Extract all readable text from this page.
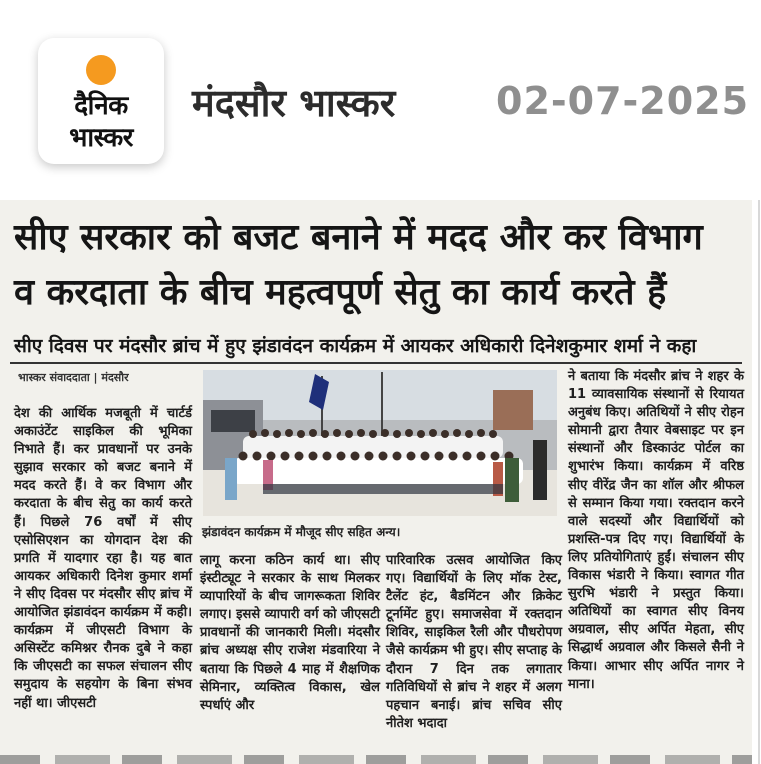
दैनिक
भास्कर
मंदसौर भास्कर	02-07-2025
सीए सरकार को बजट बनाने में मदद और कर विभाग
व करदाता के बीच महत्वपूर्ण सेतु का कार्य करते हैं
सीए दिवस पर मंदसौर ब्रांच में हुए झंडावंदन कार्यक्रम में आयकर अधिकारी दिनेशकुमार शर्मा ने कहा
भास्कर संवाददाता | मंदसौर
देश की आर्थिक मजबूती में चार्टर्ड अकाउंटेंट साइकिल की भूमिका निभाते हैं। कर प्रावधानों पर उनके सुझाव सरकार को बजट बनाने में मदद करते हैं। वे कर विभाग और करदाता के बीच सेतु का कार्य करते हैं। पिछले 76 वर्षों में सीए एसोसिएशन का योगदान देश की प्रगति में यादगार रहा है। यह बात आयकर अधिकारी दिनेश कुमार शर्मा ने सीए दिवस पर मंदसौर सीए ब्रांच में आयोजित झंडावंदन कार्यक्रम में कही। कार्यक्रम में जीएसटी विभाग के असिस्टेंट कमिश्नर रौनक दुबे ने कहा कि जीएसटी का सफल संचालन सीए समुदाय के सहयोग के बिना संभव नहीं था। जीएसटी
झंडावंदन कार्यक्रम में मौजूद सीए सहित अन्य।
लागू करना कठिन कार्य था। सीए इंस्टीट्यूट ने सरकार के साथ मिलकर व्यापारियों के बीच जागरूकता शिविर लगाए। इससे व्यापारी वर्ग को जीएसटी प्रावधानों की जानकारी मिली। मंदसौर ब्रांच अध्यक्ष सीए राजेश मंडवारिया ने बताया कि पिछले 4 माह में शैक्षणिक सेमिनार, व्यक्तित्व विकास, खेल स्पर्धाएं और
पारिवारिक उत्सव आयोजित किए गए। विद्यार्थियों के लिए मॉक टेस्ट, टैलेंट हंट, बैडमिंटन और क्रिकेट टूर्नामेंट हुए। समाजसेवा में रक्तदान शिविर, साइकिल रैली और पौधरोपण जैसे कार्यक्रम भी हुए। सीए सप्ताह के दौरान 7 दिन तक लगातार गतिविधियों से ब्रांच ने शहर में अलग पहचान बनाई। ब्रांच सचिव सीए नीतेश भदादा
ने बताया कि मंदसौर ब्रांच ने शहर के 11 व्यावसायिक संस्थानों से रियायत अनुबंध किए। अतिथियों ने सीए रोहन सोमानी द्वारा तैयार वेबसाइट पर इन संस्थानों और डिस्काउंट पोर्टल का शुभारंभ किया। कार्यक्रम में वरिष्ठ सीए वीरेंद्र जैन का शॉल और श्रीफल से सम्मान किया गया। रक्तदान करने वाले सदस्यों और विद्यार्थियों को प्रशस्ति-पत्र दिए गए। विद्यार्थियों के लिए प्रतियोगिताएं हुईं। संचालन सीए विकास भंडारी ने किया। स्वागत गीत सुरभि भंडारी ने प्रस्तुत किया। अतिथियों का स्वागत सीए विनय अग्रवाल, सीए अर्पित मेहता, सीए सिद्धार्थ अग्रवाल और किसले सैनी ने किया। आभार सीए अर्पित नागर ने माना।
